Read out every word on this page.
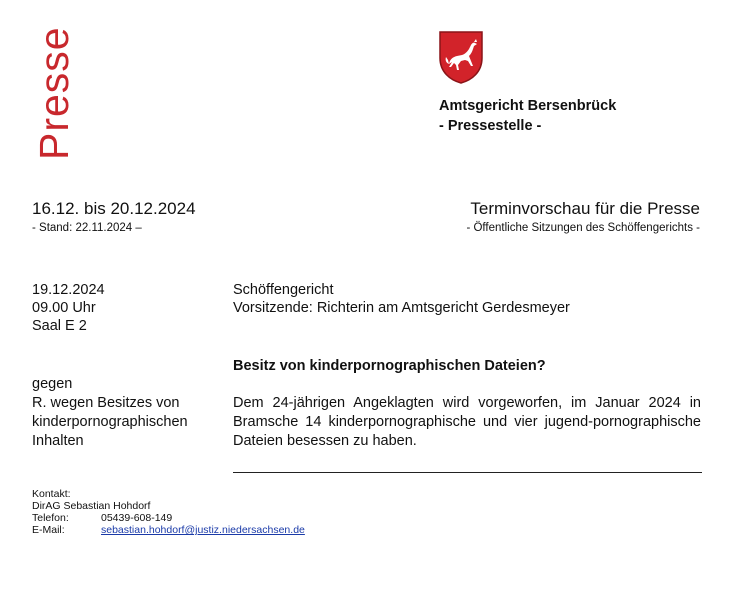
Presse	Amtsgericht Bersenbrück
- Pressestelle -
16.12. bis 20.12.2024
- Stand: 22.11.2024 –
Terminvorschau für die Presse
- Öffentliche Sitzungen des Schöffengerichts -
19.12.2024
09.00 Uhr
Saal E 2
Schöffengericht
Vorsitzende: Richterin am Amtsgericht Gerdesmeyer
Besitz von kinderpornographischen Dateien?
gegen
R. wegen Besitzes von
kinderpornographischen
Inhalten
Dem 24-jährigen Angeklagten wird vorgeworfen, im Januar 2024 in Bramsche 14 kinderpornographische und vier jugend-pornographische Dateien besessen zu haben.
Kontakt:
DirAG Sebastian Hohdorf
Telefon:	05439-608-149
E-Mail:	sebastian.hohdorf@justiz.niedersachsen.de
